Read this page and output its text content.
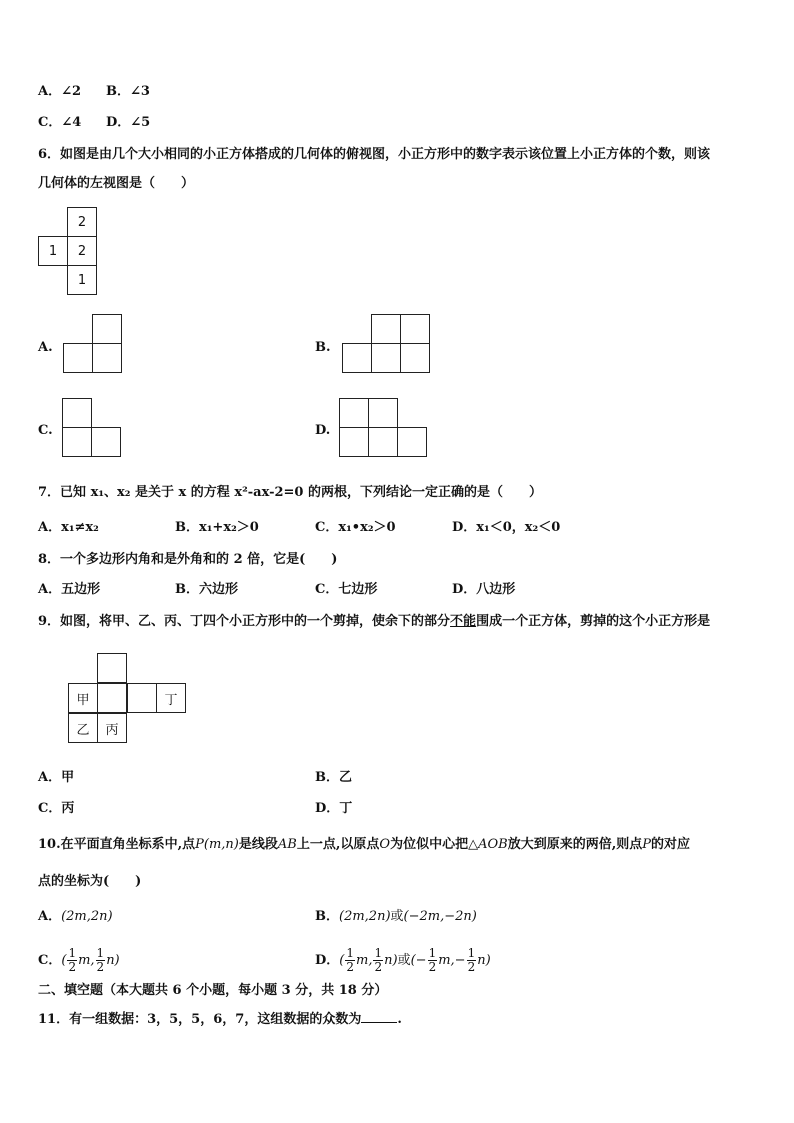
A．∠2 B．∠3
C．∠4 D．∠5
6．如图是由几个大小相同的小正方体搭成的几何体的俯视图，小正方形中的数字表示该位置上小正方体的个数，则该
几何体的左视图是（　　）
2
1	2
1
A.	B.
C.	D.
7．已知 x₁、x₂ 是关于 x 的方程 x²-ax-2=0 的两根，下列结论一定正确的是（　　）
A．x₁≠x₂	B．x₁+x₂＞0	C．x₁•x₂＞0	D．x₁＜0，x₂＜0
8．一个多边形内角和是外角和的 2 倍，它是(　　)
A．五边形	B．六边形	C．七边形	D．八边形
9．如图，将甲、乙、丙、丁四个小正方形中的一个剪掉，使余下的部分不能围成一个正方体，剪掉的这个小正方形是
甲	丁
乙	丙
A．甲	B．乙
C．丙	D．丁
10.在平面直角坐标系中,点P(m,n)是线段AB上一点,以原点O为位似中心把△AOB放大到原来的两倍,则点P的对应
点的坐标为(　　)
A．(2m,2n)	B．(2m,2n)或(−2m,−2n)
C．( $\frac{1}{2} m$, $\frac{1}{2} n$)	D．( $\frac{1}{2} m$, $\frac{1}{2} n$)或(− $\frac{1}{2} m,- \frac{1}{2} n$)
二、填空题（本大题共 6 个小题，每小题 3 分，共 18 分）
11．有一组数据：3，5，5，6，7，这组数据的众数为	.
